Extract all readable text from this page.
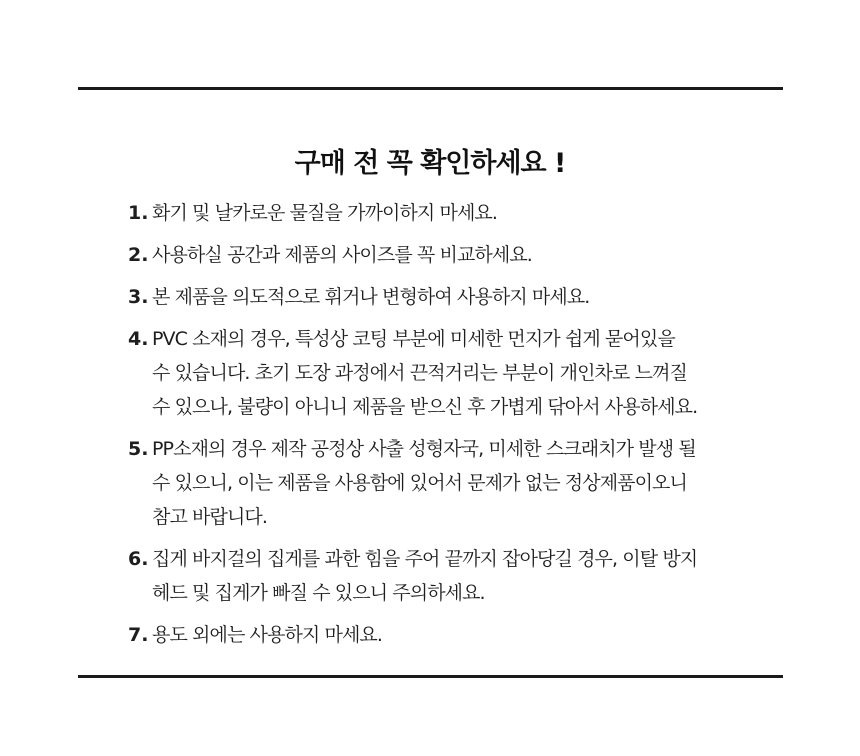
구매 전 꼭 확인하세요 !
1. 화기 및 날카로운 물질을 가까이하지 마세요.
2. 사용하실 공간과 제품의 사이즈를 꼭 비교하세요.
3. 본 제품을 의도적으로 휘거나 변형하여 사용하지 마세요.
4. PVC 소재의 경우, 특성상 코팅 부분에 미세한 먼지가 쉽게 묻어있을
수 있습니다. 초기 도장 과정에서 끈적거리는 부분이 개인차로 느껴질
수 있으나, 불량이 아니니 제품을 받으신 후 가볍게 닦아서 사용하세요.
5. PP소재의 경우 제작 공정상 사출 성형자국, 미세한 스크래치가 발생 될
수 있으니, 이는 제품을 사용함에 있어서 문제가 없는 정상제품이오니
참고 바랍니다.
6. 집게 바지걸의 집게를 과한 힘을 주어 끝까지 잡아당길 경우, 이탈 방지
헤드 및 집게가 빠질 수 있으니 주의하세요.
7. 용도 외에는 사용하지 마세요.
